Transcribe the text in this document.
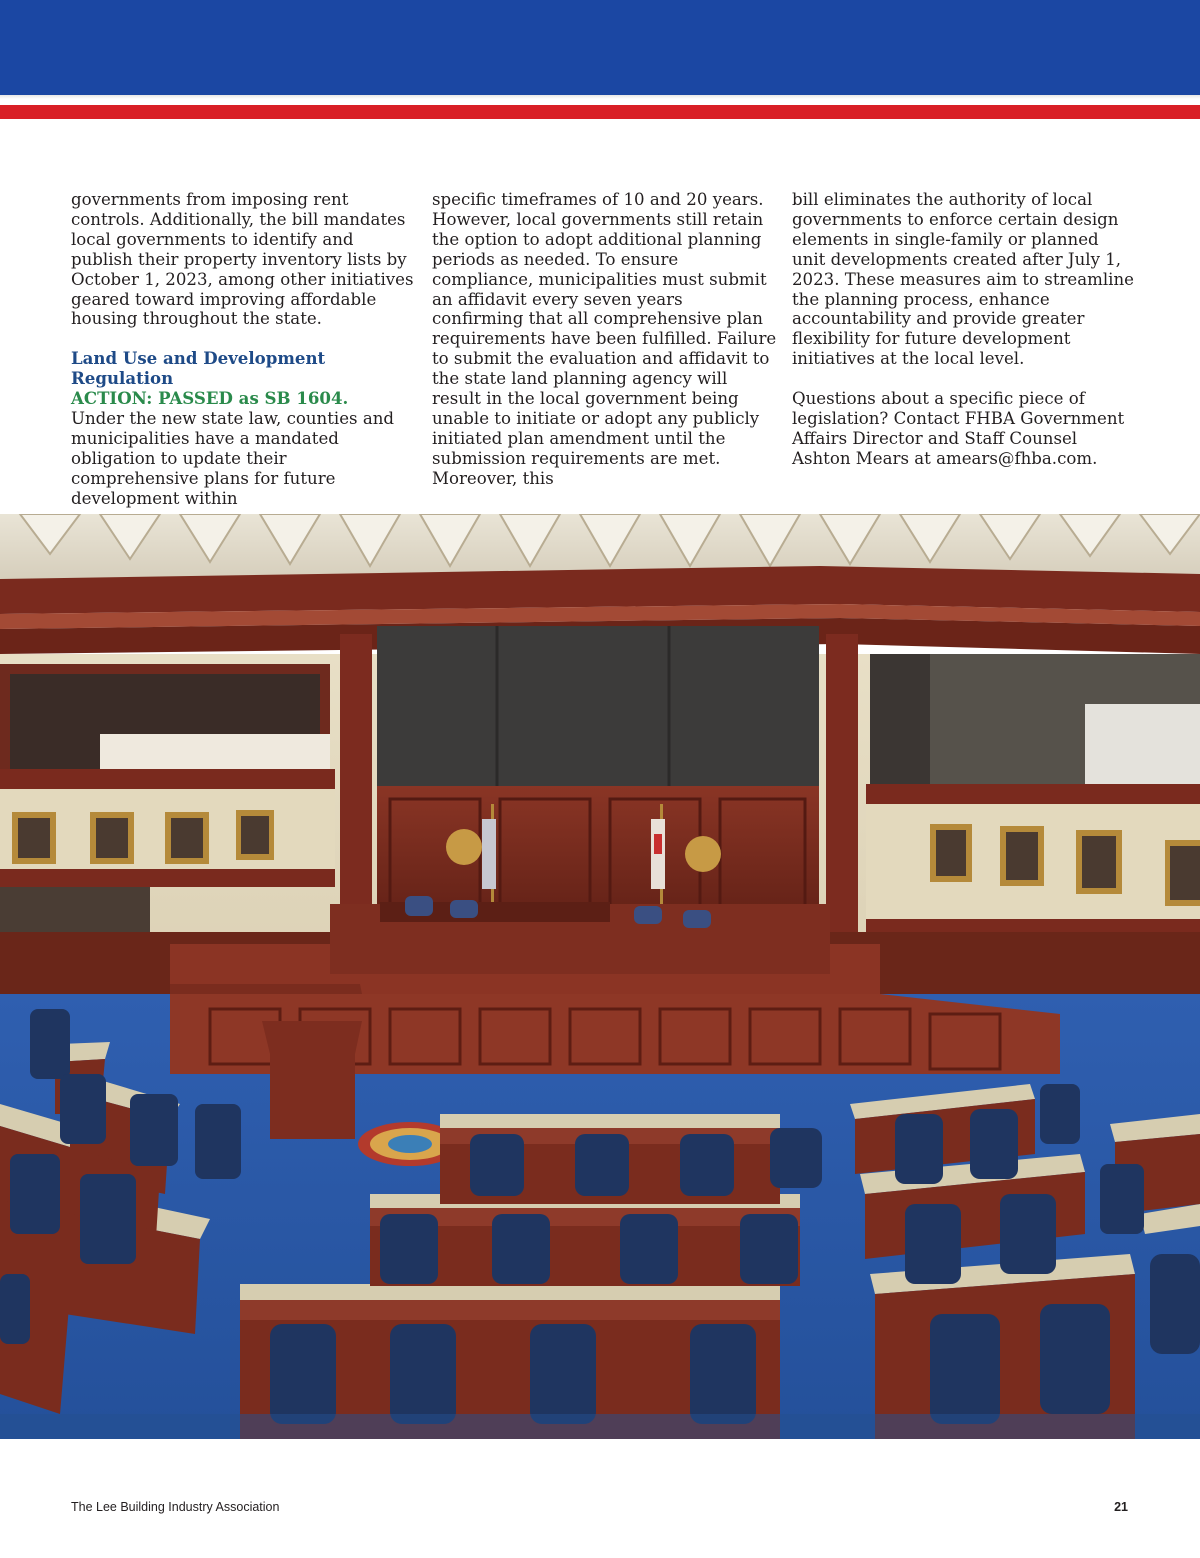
governments from imposing rent controls. Additionally, the bill mandates local governments to identify and publish their property inventory lists by October 1, 2023, among other initiatives geared toward improving affordable housing throughout the state.

Land Use and Development Regulation

ACTION: PASSED as SB 1604.

Under the new state law, counties and municipalities have a mandated obligation to update their comprehensive plans for future development within

specific timeframes of 10 and 20 years. However, local governments still retain the option to adopt additional planning periods as needed. To ensure compliance, municipalities must submit an affidavit every seven years confirming that all comprehensive plan requirements have been fulfilled. Failure to submit the evaluation and affidavit to the state land planning agency will result in the local government being unable to initiate or adopt any publicly initiated plan amendment until the submission requirements are met. Moreover, this

bill eliminates the authority of local governments to enforce certain design elements in single-family or planned unit developments created after July 1, 2023. These measures aim to streamline the planning process, enhance accountability and provide greater flexibility for future development initiatives at the local level.

Questions about a specific piece of legislation? Contact FHBA Government Affairs Director and Staff Counsel Ashton Mears at amears@fhba.com.

The Lee Building Industry Association	21
